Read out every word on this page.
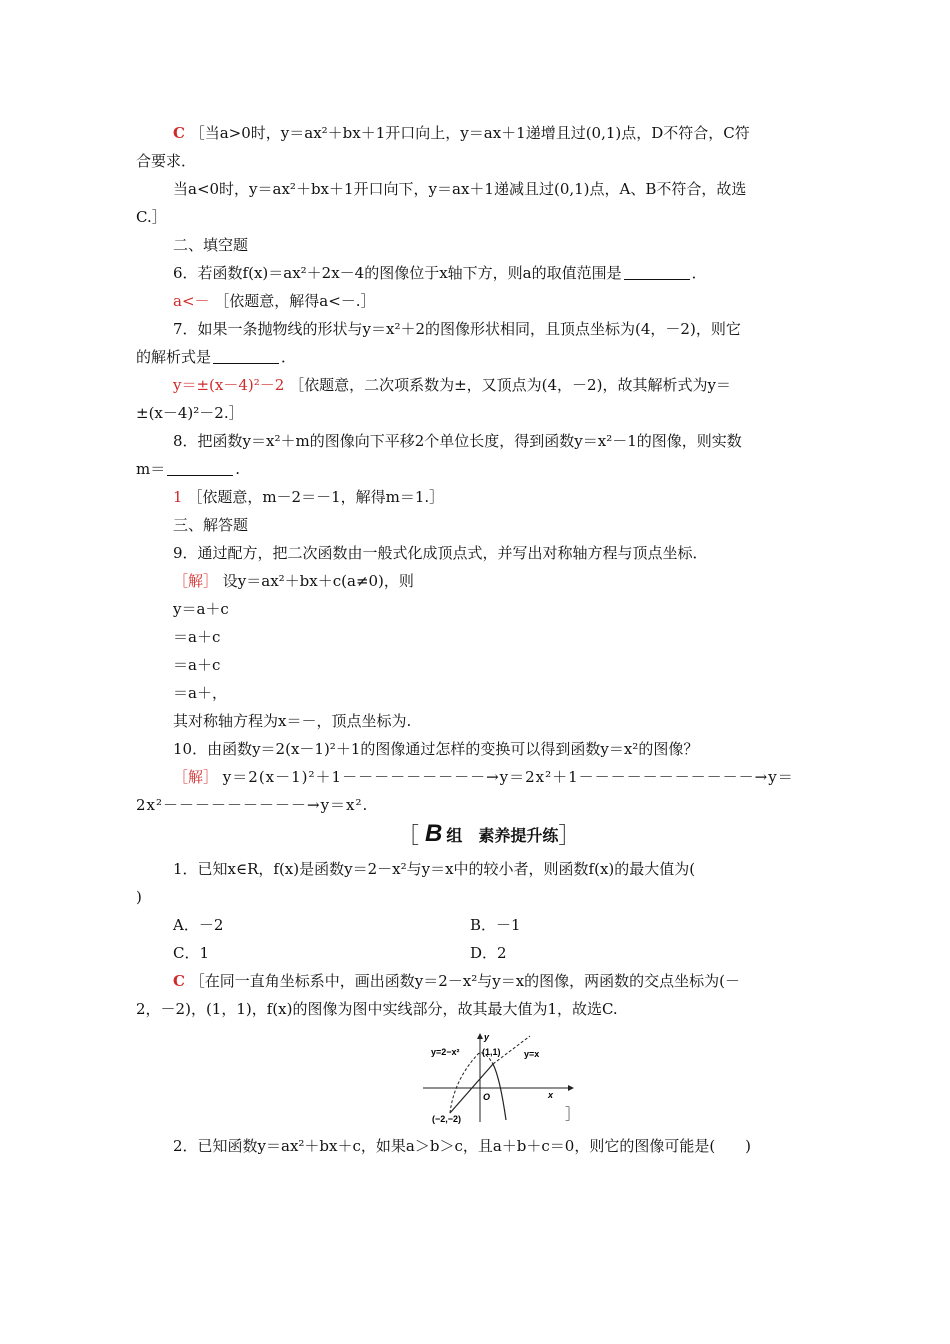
C ［当a>0时，y＝ax²＋bx＋1开口向上，y＝ax＋1递增且过(0,1)点，D不符合，C符
合要求．
当a<0时，y＝ax²＋bx＋1开口向下，y＝ax＋1递减且过(0,1)点，A、B不符合，故选
C.］
二、填空题
6．若函数f(x)＝ax²＋2x－4的图像位于x轴下方，则a的取值范围是	．
a<－ ［依题意，解得a<－.］
7．如果一条抛物线的形状与y＝x²＋2的图像形状相同，且顶点坐标为(4，－2)，则它
的解析式是	．
y＝±(x－4)²－2 ［依题意，二次项系数为±，又顶点为(4，－2)，故其解析式为y＝
±(x－4)²－2.］
8．把函数y＝x²＋m的图像向下平移2个单位长度，得到函数y＝x²－1的图像，则实数
m＝	.
1 ［依题意，m－2＝－1，解得m＝1.］
三、解答题
9．通过配方，把二次函数由一般式化成顶点式，并写出对称轴方程与顶点坐标．
［解］ 设y＝ax²＋bx＋c(a≠0)，则
y＝a＋c
＝a＋c
＝a＋c
＝a＋，
其对称轴方程为x＝－，顶点坐标为.
10．由函数y＝2(x－1)²＋1的图像通过怎样的变换可以得到函数y＝x²的图像？
［解］ y＝2(x－1)²＋1－－－－－－－－－→y＝2x²＋1－－－－－－－－－－－→y＝
2x²－－－－－－－－－→y＝x².
［ B 组　素养提升练 ］
1．已知x∈R，f(x)是函数y＝2－x²与y＝x中的较小者，则函数f(x)的最大值为(
)
A．－2	B．－1
C．1	D．2
C ［在同一直角坐标系中，画出函数y＝2－x²与y＝x的图像，两函数的交点坐标为(－
2，－2)，(1，1)，f(x)的图像为图中实线部分，故其最大值为1，故选C.
y=2−x² (1,1)	y=x
y
x
O
(−2,−2)	］
2．已知函数y＝ax²＋bx＋c，如果a＞b＞c，且a＋b＋c＝0，则它的图像可能是(　　)
